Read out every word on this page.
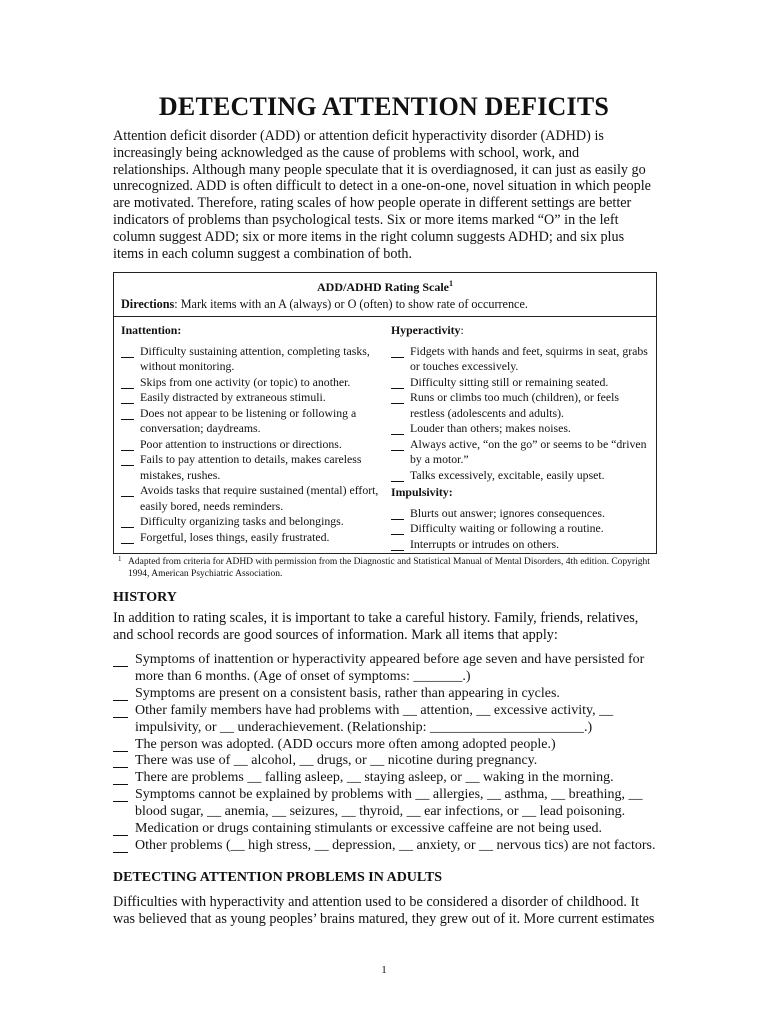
DETECTING ATTENTION DEFICITS
Attention deficit disorder (ADD) or attention deficit hyperactivity disorder (ADHD) is increasingly being acknowledged as the cause of problems with school, work, and relationships. Although many people speculate that it is overdiagnosed, it can just as easily go unrecognized. ADD is often difficult to detect in a one-on-one, novel situation in which people are motivated. Therefore, rating scales of how people operate in different settings are better indicators of problems than psychological tests. Six or more items marked “O” in the left column suggest ADD; six or more items in the right column suggests ADHD; and six plus items in each column suggest a combination of both.
ADD/ADHD Rating Scale$^1$
Directions: Mark items with an A (always) or O (often) to show rate of occurrence.
Inattention:
Difficulty sustaining attention, completing tasks, without monitoring.
Skips from one activity (or topic) to another.
Easily distracted by extraneous stimuli.
Does not appear to be listening or following a conversation; daydreams.
Poor attention to instructions or directions.
Fails to pay attention to details, makes careless mistakes, rushes.
Avoids tasks that require sustained (mental) effort, easily bored, needs reminders.
Difficulty organizing tasks and belongings.
Forgetful, loses things, easily frustrated.
Hyperactivity:
Fidgets with hands and feet, squirms in seat, grabs or touches excessively.
Difficulty sitting still or remaining seated.
Runs or climbs too much (children), or feels restless (adolescents and adults).
Louder than others; makes noises.
Always active, “on the go” or seems to be “driven by a motor.”
Talks excessively, excitable, easily upset.
Impulsivity:
Blurts out answer; ignores consequences.
Difficulty waiting or following a routine.
Interrupts or intrudes on others.
1 Adapted from criteria for ADHD with permission from the Diagnostic and Statistical Manual of Mental Disorders, 4th edition. Copyright 1994, American Psychiatric Association.
HISTORY
In addition to rating scales, it is important to take a careful history. Family, friends, relatives, and school records are good sources of information. Mark all items that apply:
Symptoms of inattention or hyperactivity appeared before age seven and have persisted for more than 6 months. (Age of onset of symptoms: _______.)
Symptoms are present on a consistent basis, rather than appearing in cycles.
Other family members have had problems with __ attention, __ excessive activity, __ impulsivity, or __ underachievement. (Relationship: ______________________.)
The person was adopted. (ADD occurs more often among adopted people.)
There was use of __ alcohol, __ drugs, or __ nicotine during pregnancy.
There are problems __ falling asleep, __ staying asleep, or __ waking in the morning.
Symptoms cannot be explained by problems with __ allergies, __ asthma, __ breathing, __ blood sugar, __ anemia, __ seizures, __ thyroid, __ ear infections, or __ lead poisoning.
Medication or drugs containing stimulants or excessive caffeine are not being used.
Other problems (__ high stress, __ depression, __ anxiety, or __ nervous tics) are not factors.
DETECTING ATTENTION PROBLEMS IN ADULTS
Difficulties with hyperactivity and attention used to be considered a disorder of childhood. It was believed that as young peoples’ brains matured, they grew out of it. More current estimates
1
